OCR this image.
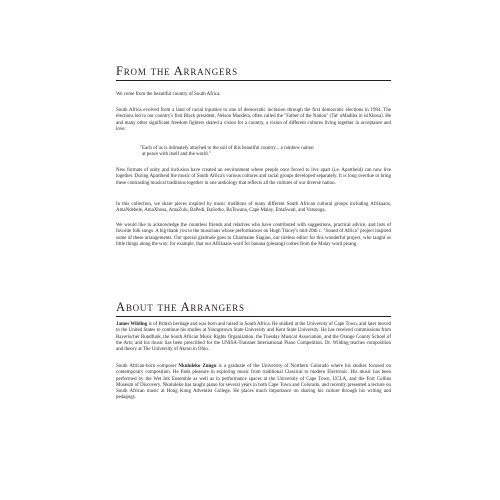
From the Arrangers

We come from the beautiful country of South Africa.

South Africa evolved from a land of racial injustice to one of democratic inclusion through the first democratic elections in 1994. The elections led to our country's first Black president, Nelson Mandela, often called the "Father of the Nation" (Tat' uMadiba in isiXhosa). He and many other significant freedom fighters shared a vision for a country, a vision of different cultures living together in acceptance and love:

"Each of us is intimately attached to the soil of this beautiful country... a rainbow nation
at peace with itself and the world."

New formats of unity and inclusion have created an environment where people once forced to live apart (i.e. Apartheid) can now live together. During Apartheid the music of South Africa's various cultures and racial groups developed separately. It is long overdue to bring these contrasting musical traditions together in one anthology that reflects all the cultures of our diverse nation.

In this collection, we share pieces inspired by music traditions of many different South African cultural groups including Afrikaans, AmaNdebele, AmaXhosa, AmaZulu, BaPedi, BaSotho, BaTswana, Cape Malay, EmaSwati, and Vatsonga.

We would like to acknowledge the countless friends and relatives who have contributed with suggestions, practical advice, and lists of favorite folk songs. A big thank you to the musicians whose performances on Hugh Tracey's mid-20th c. "Sound of Africa" project inspired some of these arrangements. Our special gratitude goes to Charmaine Siagian, our tireless editor for this wonderful project, who taught us little things along the way; for example, that our Afrikaans word for banana (piesang) comes from the Malay word pisang.

About the Arrangers

James Wilding is of British heritage and was born and raised in South Africa. He studied at the University of Cape Town, and later moved to the United States to continue his studies at Youngstown State University and Kent State University. He has received commissions from Bayerischer Rundfunk, the South African Music Rights Organization, the Tuesday Musical Association, and the Orange County School of the Arts; and his music has been prescribed for the UNISA-Transnet International Piano Competition. Dr. Wilding teaches composition and theory at The University of Akron in Ohio.

South African-born composer Nkululeko Zungu is a graduate of the University of Northern Colorado where his studies focused on contemporary composition. He finds pleasure in exploring music from traditional Classical to modern Electronic. His music has been performed by the Wet Ink Ensemble as well as in performance spaces at the University of Cape Town, UCLA, and the Fort Collins Museum of Discovery. Nkululeko has taught piano for several years in both Cape Town and Colorado, and recently presented a lecture on South African music at Hong Kong Adventist College. He places much importance on sharing his culture through his writing and pedagogy.
